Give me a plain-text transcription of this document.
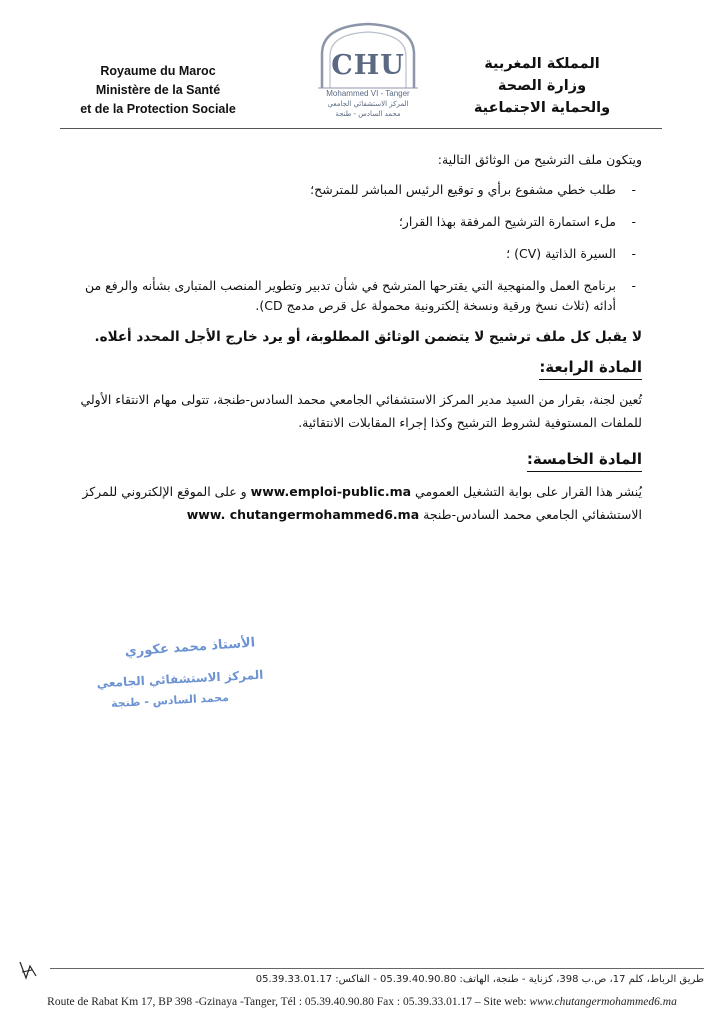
Royaume du Maroc
Ministère de la Santé
et de la Protection Sociale
CHU
Mohammed VI - Tanger
المركز الاستشفائي الجامعي
محمد السادس - طنجة
المملكة المغربية
وزارة الصحة
والحماية الاجتماعية

ويتكون ملف الترشيح من الوثائق التالية:

- طلب خطي مشفوع برأي و توقيع الرئيس المباشر للمترشح؛
- ملء استمارة الترشيح المرفقة بهذا القرار؛
- السيرة الذاتية (CV) ؛
- برنامج العمل والمنهجية التي يقترحها المترشح في شأن تدبير وتطوير المنصب المتبارى بشأنه والرفع من أدائه (ثلاث نسخ ورقية ونسخة إلكترونية محمولة عل قرص مدمج CD).

لا يقبل كل ملف ترشيح لا يتضمن الوثائق المطلوبة، أو يرد خارج الأجل المحدد أعلاه.

المادة الرابعة:

تُعين لجنة، بقرار من السيد مدير المركز الاستشفائي الجامعي محمد السادس-طنجة، تتولى مهام الانتقاء الأولي للملفات المستوفية لشروط الترشيح وكذا إجراء المقابلات الانتقائية.

المادة الخامسة:

يُنشر هذا القرار على بوابة التشغيل العمومي www.emploi-public.ma و على الموقع الإلكتروني للمركز الاستشفائي الجامعي محمد السادس-طنجة www. chutangermohammed6.ma

الأستاذ محمد عكوري
المركز الاستشفائي الجامعي
محمد السادس - طنجة
طريق الرباط، كلم 17، ص.ب 398، كزناية - طنجة، الهاتف: 05.39.40.90.80 - الفاكس: 05.39.33.01.17
Route de Rabat Km 17, BP 398 -Gzinaya -Tanger, Tél : 05.39.40.90.80 Fax : 05.39.33.01.17 – Site web: www.chutangermohammed6.ma
